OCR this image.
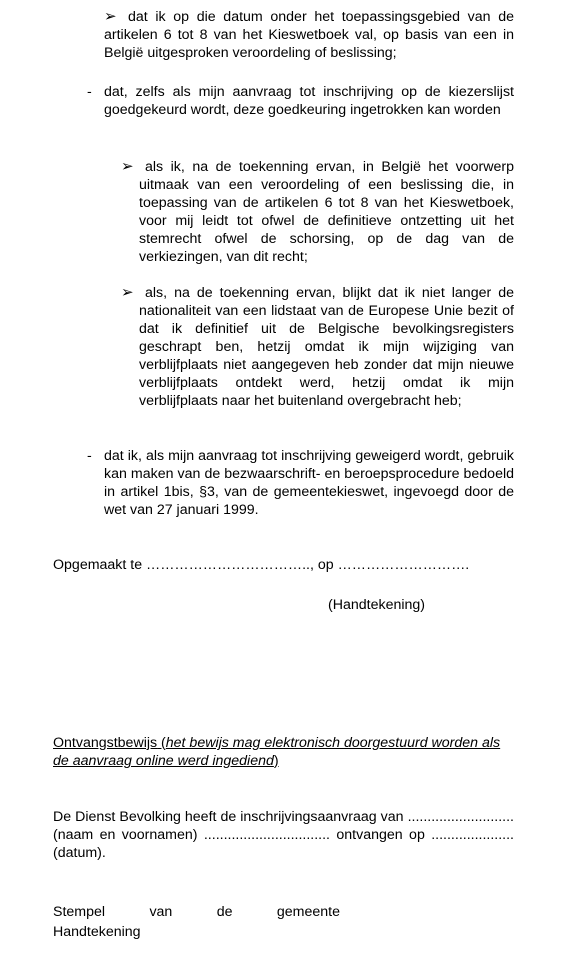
➢ dat ik op die datum onder het toepassingsgebied van de artikelen 6 tot 8 van het Kieswetboek val, op basis van een in België uitgesproken veroordeling of beslissing;
- dat, zelfs als mijn aanvraag tot inschrijving op de kiezerslijst goedgekeurd wordt, deze goedkeuring ingetrokken kan worden
➢ als ik, na de toekenning ervan, in België het voorwerp uitmaak van een veroordeling of een beslissing die, in toepassing van de artikelen 6 tot 8 van het Kieswetboek, voor mij leidt tot ofwel de definitieve ontzetting uit het stemrecht ofwel de schorsing, op de dag van de verkiezingen, van dit recht;
➢ als, na de toekenning ervan, blijkt dat ik niet langer de nationaliteit van een lidstaat van de Europese Unie bezit of dat ik definitief uit de Belgische bevolkingsregisters geschrapt ben, hetzij omdat ik mijn wijziging van verblijfplaats niet aangegeven heb zonder dat mijn nieuwe verblijfplaats ontdekt werd, hetzij omdat ik mijn verblijfplaats naar het buitenland overgebracht heb;
- dat ik, als mijn aanvraag tot inschrijving geweigerd wordt, gebruik kan maken van de bezwaarschrift- en beroepsprocedure bedoeld in artikel 1bis, §3, van de gemeentekieswet, ingevoegd door de wet van 27 januari 1999.
Opgemaakt te …………………………….., op ……………………….
(Handtekening)
Ontvangstbewijs (het bewijs mag elektronisch doorgestuurd worden als de aanvraag online werd ingediend)
De Dienst Bevolking heeft de inschrijvingsaanvraag van ........................... (naam en voornamen) ................................ ontvangen op ..................... (datum).
Stempel van de gemeente
Handtekening
